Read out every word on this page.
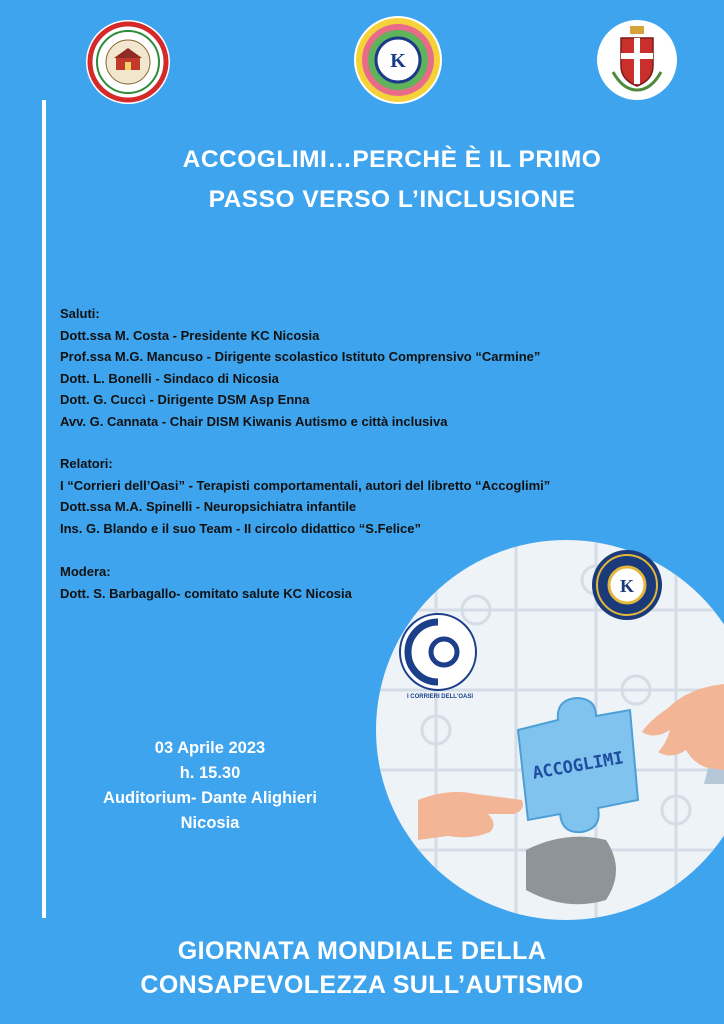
K
ACCOGLIMI…PERCHÈ È IL PRIMO
PASSO VERSO L’INCLUSIONE
Saluti:
Dott.ssa M. Costa - Presidente KC Nicosia
Prof.ssa M.G. Mancuso - Dirigente scolastico Istituto Comprensivo “Carmine”
Dott. L. Bonelli - Sindaco di Nicosia
Dott. G. Cuccì - Dirigente DSM Asp Enna
Avv. G. Cannata - Chair DISM Kiwanis Autismo e città inclusiva
Relatori:
I “Corrieri dell’Oasi” - Terapisti comportamentali, autori del libretto “Accoglimi”
Dott.ssa M.A. Spinelli - Neuropsichiatra infantile
Ins. G. Blando e il suo Team - II circolo didattico “S.Felice”
Modera:
Dott. S. Barbagallo- comitato salute KC Nicosia	K
I CORRIERI DELL'OASI
ACCOGLIMI
03 Aprile 2023
h. 15.30
Auditorium- Dante Alighieri
Nicosia
GIORNATA MONDIALE DELLA
CONSAPEVOLEZZA SULL’AUTISMO
